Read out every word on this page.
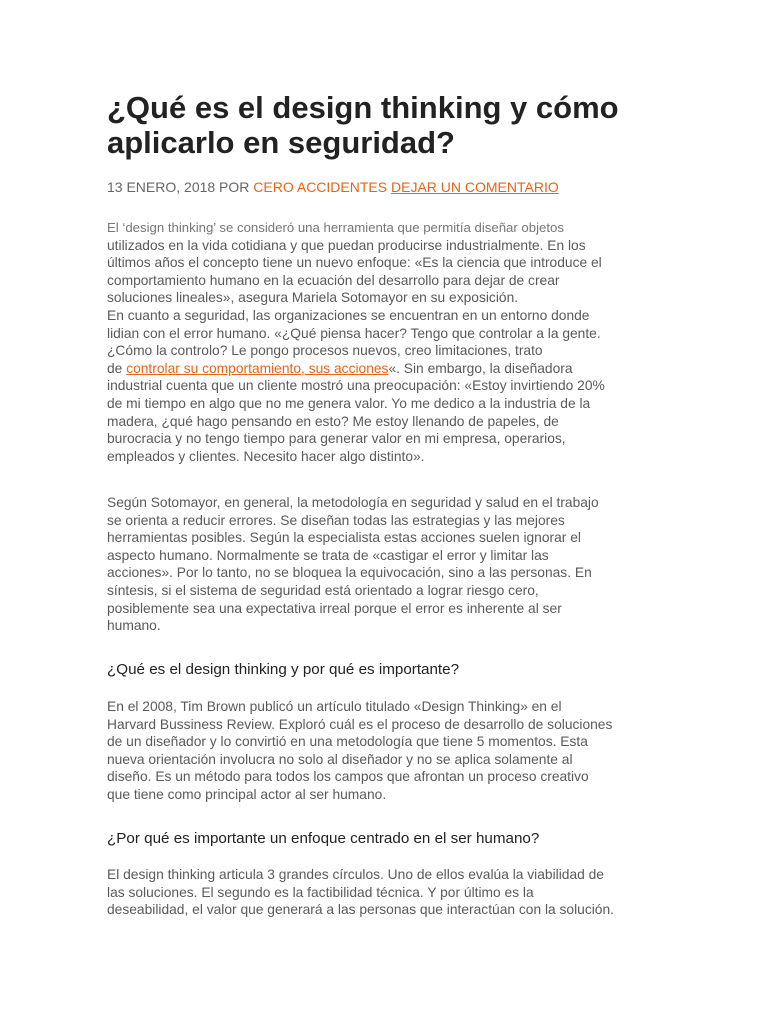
¿Qué es el design thinking y cómo aplicarlo en seguridad?

13 ENERO, 2018 POR CERO ACCIDENTES DEJAR UN COMENTARIO

El ‘design thinking’ se consideró una herramienta que permitía diseñar objetos
utilizados en la vida cotidiana y que puedan producirse industrialmente. En los
últimos años el concepto tiene un nuevo enfoque: «Es la ciencia que introduce el
comportamiento humano en la ecuación del desarrollo para dejar de crear
soluciones lineales», asegura Mariela Sotomayor en su exposición.
En cuanto a seguridad, las organizaciones se encuentran en un entorno donde
lidian con el error humano. «¿Qué piensa hacer? Tengo que controlar a la gente.
¿Cómo la controlo? Le pongo procesos nuevos, creo limitaciones, trato
de controlar su comportamiento, sus acciones«. Sin embargo, la diseñadora
industrial cuenta que un cliente mostró una preocupación: «Estoy invirtiendo 20%
de mi tiempo en algo que no me genera valor. Yo me dedico a la industria de la
madera, ¿qué hago pensando en esto? Me estoy llenando de papeles, de
burocracia y no tengo tiempo para generar valor en mi empresa, operarios,
empleados y clientes. Necesito hacer algo distinto».
Según Sotomayor, en general, la metodología en seguridad y salud en el trabajo
se orienta a reducir errores. Se diseñan todas las estrategias y las mejores
herramientas posibles. Según la especialista estas acciones suelen ignorar el
aspecto humano. Normalmente se trata de «castigar el error y limitar las
acciones». Por lo tanto, no se bloquea la equivocación, sino a las personas. En
síntesis, si el sistema de seguridad está orientado a lograr riesgo cero,
posiblemente sea una expectativa irreal porque el error es inherente al ser
humano.
¿Qué es el design thinking y por qué es importante?
En el 2008, Tim Brown publicó un artículo titulado «Design Thinking» en el
Harvard Bussiness Review. Exploró cuál es el proceso de desarrollo de soluciones
de un diseñador y lo convirtió en una metodología que tiene 5 momentos. Esta
nueva orientación involucra no solo al diseñador y no se aplica solamente al
diseño. Es un método para todos los campos que afrontan un proceso creativo
que tiene como principal actor al ser humano.
¿Por qué es importante un enfoque centrado en el ser humano?
El design thinking articula 3 grandes círculos. Uno de ellos evalúa la viabilidad de
las soluciones. El segundo es la factibilidad técnica. Y por último es la
deseabilidad, el valor que generará a las personas que interactúan con la solución.
